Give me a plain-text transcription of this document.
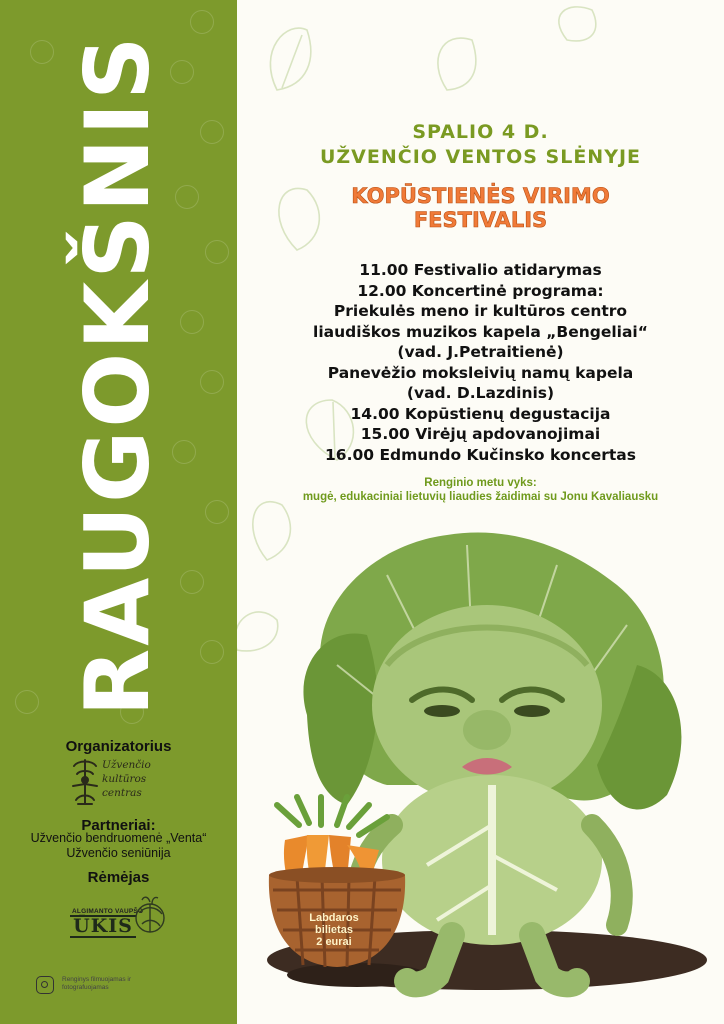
RAUGOKŠNIS
Organizatorius
Užvenčio
kultūros
centras
Partneriai:
Užvenčio bendruomenė „Venta“
Užvenčio seniūnija
Rėmėjas
ALGIMANTO VAUPŠO
ŪKIS
Renginys filmuojamas ir
fotografuojamas
SPALIO 4 D.
UŽVENČIO VENTOS SLĖNYJE
KOPŪSTIENĖS VIRIMO
FESTIVALIS
11.00 Festivalio atidarymas
12.00 Koncertinė programa:
Priekulės meno ir kultūros centro
liaudiškos muzikos kapela „Bengeliai“
(vad. J.Petraitienė)
Panevėžio moksleivių namų kapela
(vad. D.Lazdinis)
14.00 Kopūstienų degustacija
15.00 Virėjų apdovanojimai
16.00 Edmundo Kučinsko koncertas
Renginio metu vyks:
mugė, edukaciniai lietuvių liaudies žaidimai su Jonu Kavaliausku
Labdaros
bilietas
2 eurai
